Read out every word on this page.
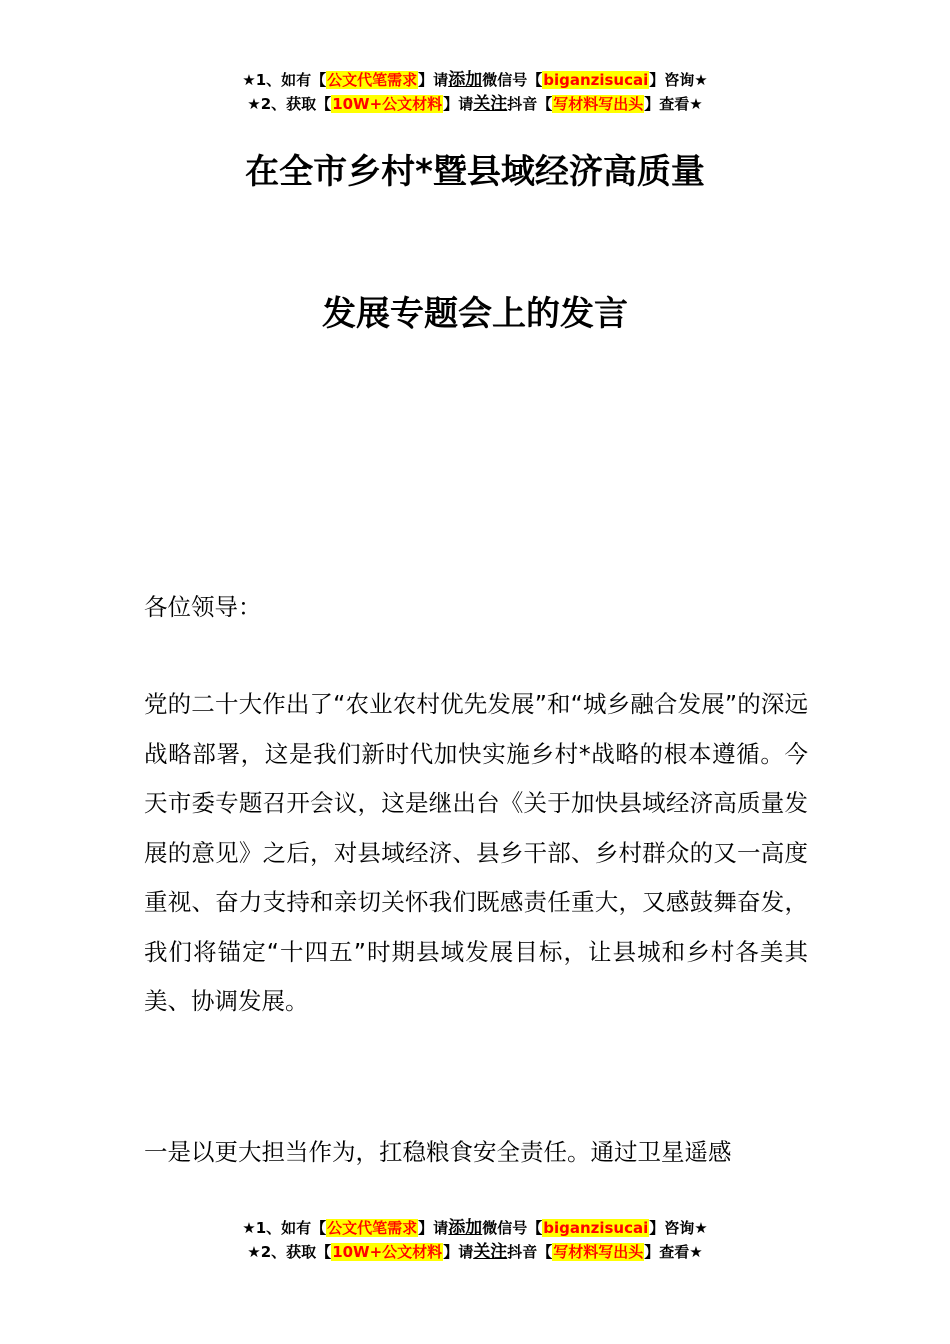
★1、如有【公文代笔需求】请添加微信号【biganzisucai】咨询★
★2、获取【10W+公文材料】请关注抖音【写材料写出头】查看★
在全市乡村*暨县域经济高质量
发展专题会上的发言
各位领导：
党的二十大作出了“农业农村优先发展”和“城乡融合发展”的深远战略部署，这是我们新时代加快实施乡村*战略的根本遵循。今天市委专题召开会议，这是继出台《关于加快县域经济高质量发展的意见》之后，对县域经济、县乡干部、乡村群众的又一高度重视、奋力支持和亲切关怀我们既感责任重大，又感鼓舞奋发，我们将锚定“十四五”时期县域发展目标，让县城和乡村各美其美、协调发展。
一是以更大担当作为，扛稳粮食安全责任。通过卫星遥感
★1、如有【公文代笔需求】请添加微信号【biganzisucai】咨询★
★2、获取【10W+公文材料】请关注抖音【写材料写出头】查看★
